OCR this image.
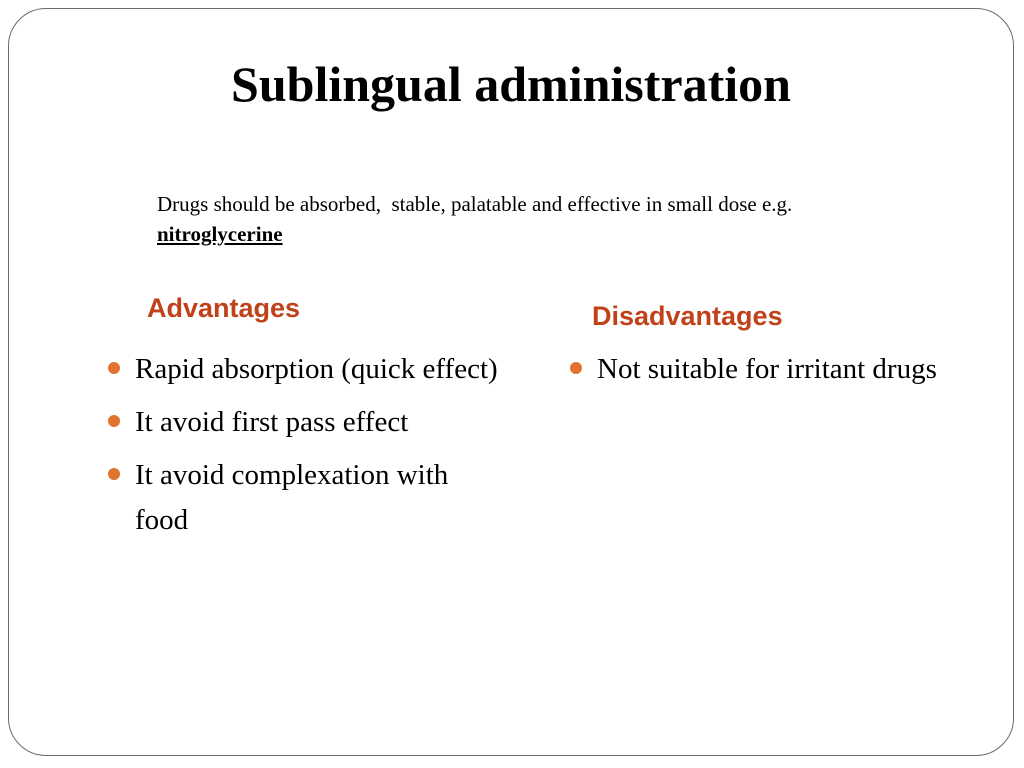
Sublingual administration

Drugs should be absorbed,  stable, palatable and effective in small dose e.g.
nitroglycerine

Advantages
Rapid absorption (quick effect)
It avoid first pass effect
It avoid complexation with food
Disadvantages
Not suitable for irritant drugs
